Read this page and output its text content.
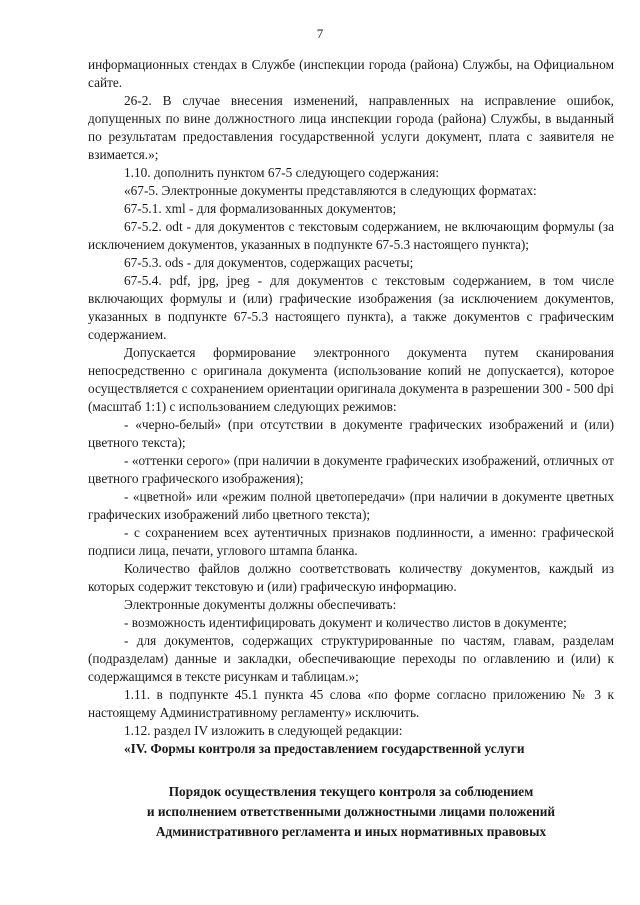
7

информационных стендах в Службе (инспекции города (района) Службы, на Официальном сайте.

26-2. В случае внесения изменений, направленных на исправление ошибок, допущенных по вине должностного лица инспекции города (района) Службы, в выданный по результатам предоставления государственной услуги документ, плата с заявителя не взимается.»;

1.10. дополнить пунктом 67-5 следующего содержания:

«67-5. Электронные документы представляются в следующих форматах:

67-5.1. xml - для формализованных документов;

67-5.2. odt - для документов с текстовым содержанием, не включающим формулы (за исключением документов, указанных в подпункте 67-5.3 настоящего пункта);

67-5.3. ods - для документов, содержащих расчеты;

67-5.4. pdf, jpg, jpeg - для документов с текстовым содержанием, в том числе включающих формулы и (или) графические изображения (за исключением документов, указанных в подпункте 67-5.3 настоящего пункта), а также документов с графическим содержанием.

Допускается формирование электронного документа путем сканирования непосредственно с оригинала документа (использование копий не допускается), которое осуществляется с сохранением ориентации оригинала документа в разрешении 300 - 500 dpi (масштаб 1:1) с использованием следующих режимов:

- «черно-белый» (при отсутствии в документе графических изображений и (или) цветного текста);

- «оттенки серого» (при наличии в документе графических изображений, отличных от цветного графического изображения);

- «цветной» или «режим полной цветопередачи» (при наличии в документе цветных графических изображений либо цветного текста);

- с сохранением всех аутентичных признаков подлинности, а именно: графической подписи лица, печати, углового штампа бланка.

Количество файлов должно соответствовать количеству документов, каждый из которых содержит текстовую и (или) графическую информацию.

Электронные документы должны обеспечивать:

- возможность идентифицировать документ и количество листов в документе;

- для документов, содержащих структурированные по частям, главам, разделам (подразделам) данные и закладки, обеспечивающие переходы по оглавлению и (или) к содержащимся в тексте рисункам и таблицам.»;

1.11. в подпункте 45.1 пункта 45 слова «по форме согласно приложению № 3 к настоящему Административному регламенту» исключить.

1.12. раздел IV изложить в следующей редакции:

«IV. Формы контроля за предоставлением государственной услуги

Порядок осуществления текущего контроля за соблюдением
и исполнением ответственными должностными лицами положений
Административного регламента и иных нормативных правовых
